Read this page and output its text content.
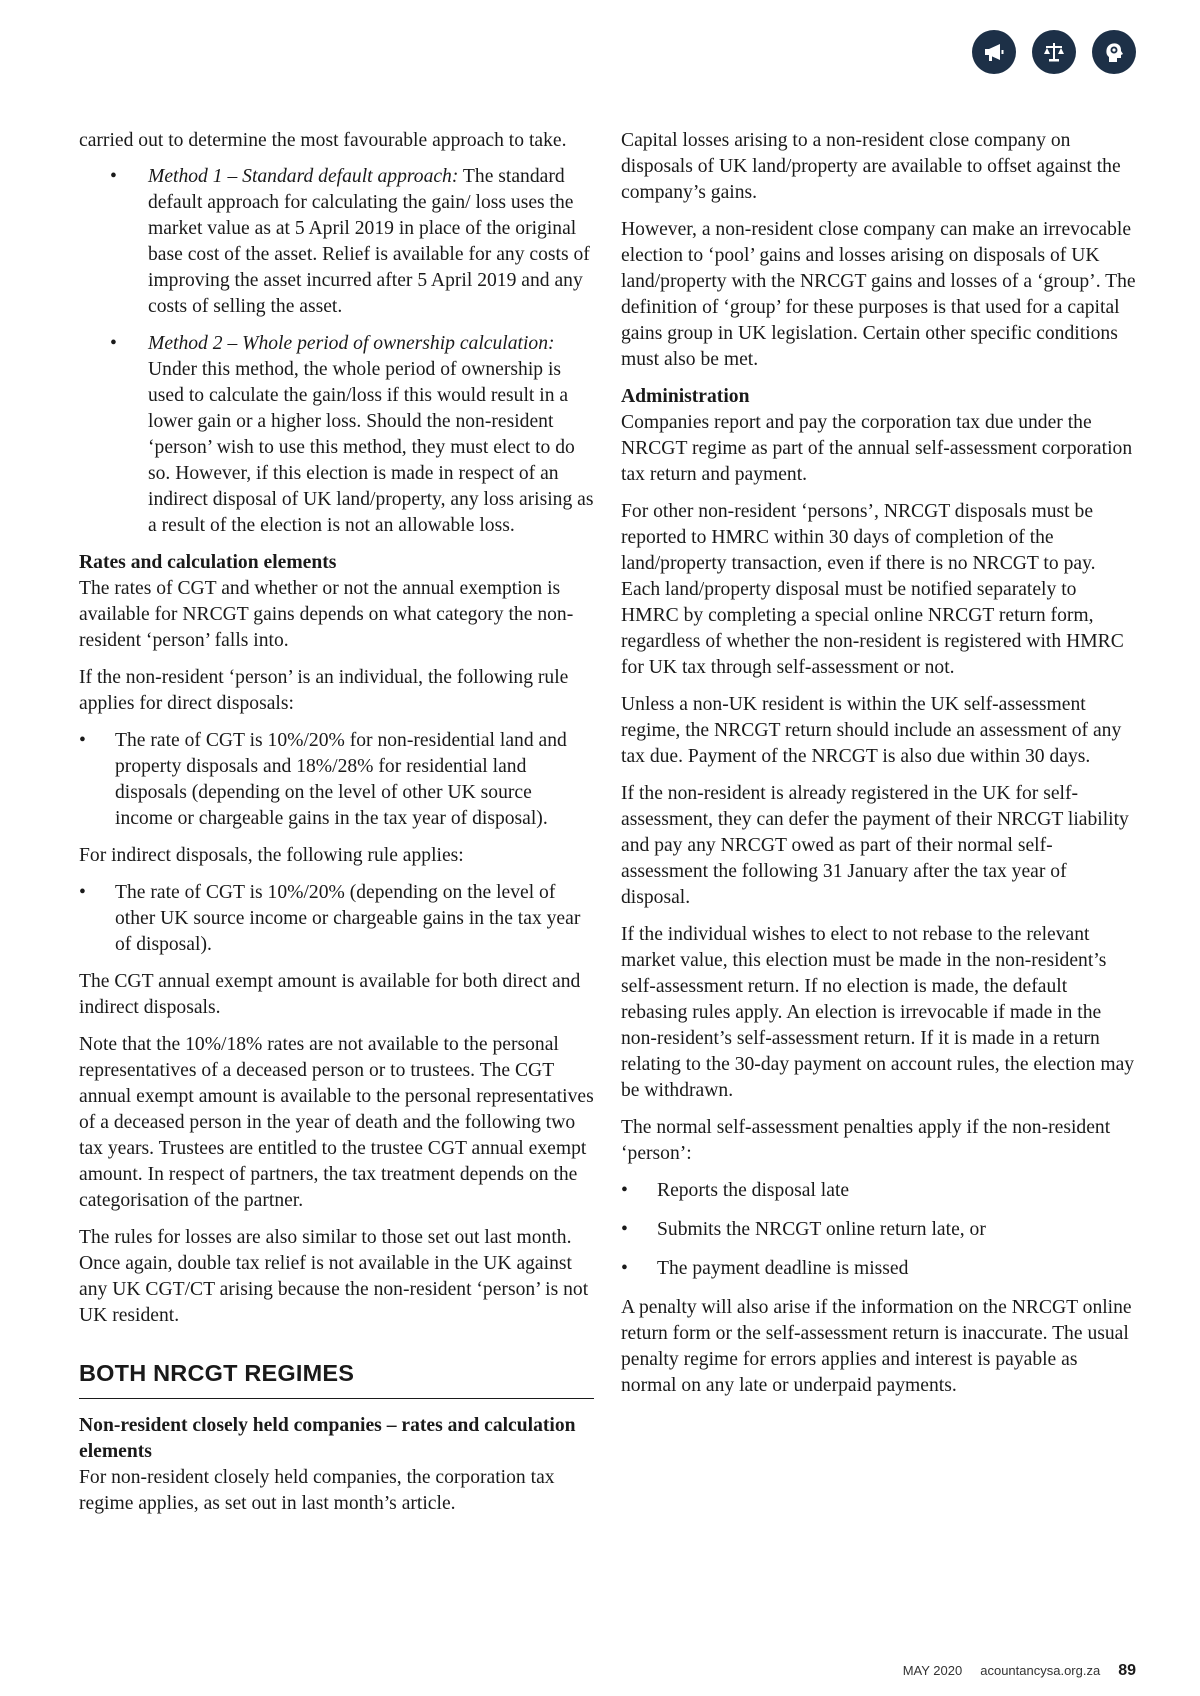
carried out to determine the most favourable approach to take.

• Method 1 – Standard default approach: The standard default approach for calculating the gain/ loss uses the market value as at 5 April 2019 in place of the original base cost of the asset. Relief is available for any costs of improving the asset incurred after 5 April 2019 and any costs of selling the asset.
• Method 2 – Whole period of ownership calculation: Under this method, the whole period of ownership is used to calculate the gain/loss if this would result in a lower gain or a higher loss. Should the non-resident ‘person’ wish to use this method, they must elect to do so. However, if this election is made in respect of an indirect disposal of UK land/property, any loss arising as a result of the election is not an allowable loss.

Rates and calculation elements

The rates of CGT and whether or not the annual exemption is available for NRCGT gains depends on what category the non-resident ‘person’ falls into.

If the non-resident ‘person’ is an individual, the following rule applies for direct disposals:

• The rate of CGT is 10%/20% for non-residential land and property disposals and 18%/28% for residential land disposals (depending on the level of other UK source income or chargeable gains in the tax year of disposal).

For indirect disposals, the following rule applies:

• The rate of CGT is 10%/20% (depending on the level of other UK source income or chargeable gains in the tax year of disposal).

The CGT annual exempt amount is available for both direct and indirect disposals.

Note that the 10%/18% rates are not available to the personal representatives of a deceased person or to trustees. The CGT annual exempt amount is available to the personal representatives of a deceased person in the year of death and the following two tax years. Trustees are entitled to the trustee CGT annual exempt amount. In respect of partners, the tax treatment depends on the categorisation of the partner.

The rules for losses are also similar to those set out last month. Once again, double tax relief is not available in the UK against any UK CGT/CT arising because the non-resident ‘person’ is not UK resident.

BOTH NRCGT REGIMES

Non-resident closely held companies – rates and calculation elements

For non-resident closely held companies, the corporation tax regime applies, as set out in last month’s article.

Capital losses arising to a non-resident close company on disposals of UK land/property are available to offset against the company’s gains.

However, a non-resident close company can make an irrevocable election to ‘pool’ gains and losses arising on disposals of UK land/property with the NRCGT gains and losses of a ‘group’. The definition of ‘group’ for these purposes is that used for a capital gains group in UK legislation. Certain other specific conditions must also be met.

Administration

Companies report and pay the corporation tax due under the NRCGT regime as part of the annual self-assessment corporation tax return and payment.

For other non-resident ‘persons’, NRCGT disposals must be reported to HMRC within 30 days of completion of the land/property transaction, even if there is no NRCGT to pay. Each land/property disposal must be notified separately to HMRC by completing a special online NRCGT return form, regardless of whether the non-resident is registered with HMRC for UK tax through self-assessment or not.

Unless a non-UK resident is within the UK self-assessment regime, the NRCGT return should include an assessment of any tax due. Payment of the NRCGT is also due within 30 days.

If the non-resident is already registered in the UK for self-assessment, they can defer the payment of their NRCGT liability and pay any NRCGT owed as part of their normal self-assessment the following 31 January after the tax year of disposal.

If the individual wishes to elect to not rebase to the relevant market value, this election must be made in the non-resident’s self-assessment return. If no election is made, the default rebasing rules apply. An election is irrevocable if made in the non-resident’s self-assessment return. If it is made in a return relating to the 30-day payment on account rules, the election may be withdrawn.

The normal self-assessment penalties apply if the non-resident ‘person’:

• Reports the disposal late
• Submits the NRCGT online return late, or
• The payment deadline is missed

A penalty will also arise if the information on the NRCGT online return form or the self-assessment return is inaccurate. The usual penalty regime for errors applies and interest is payable as normal on any late or underpaid payments.

MAY 2020 acountancysa.org.za 89
